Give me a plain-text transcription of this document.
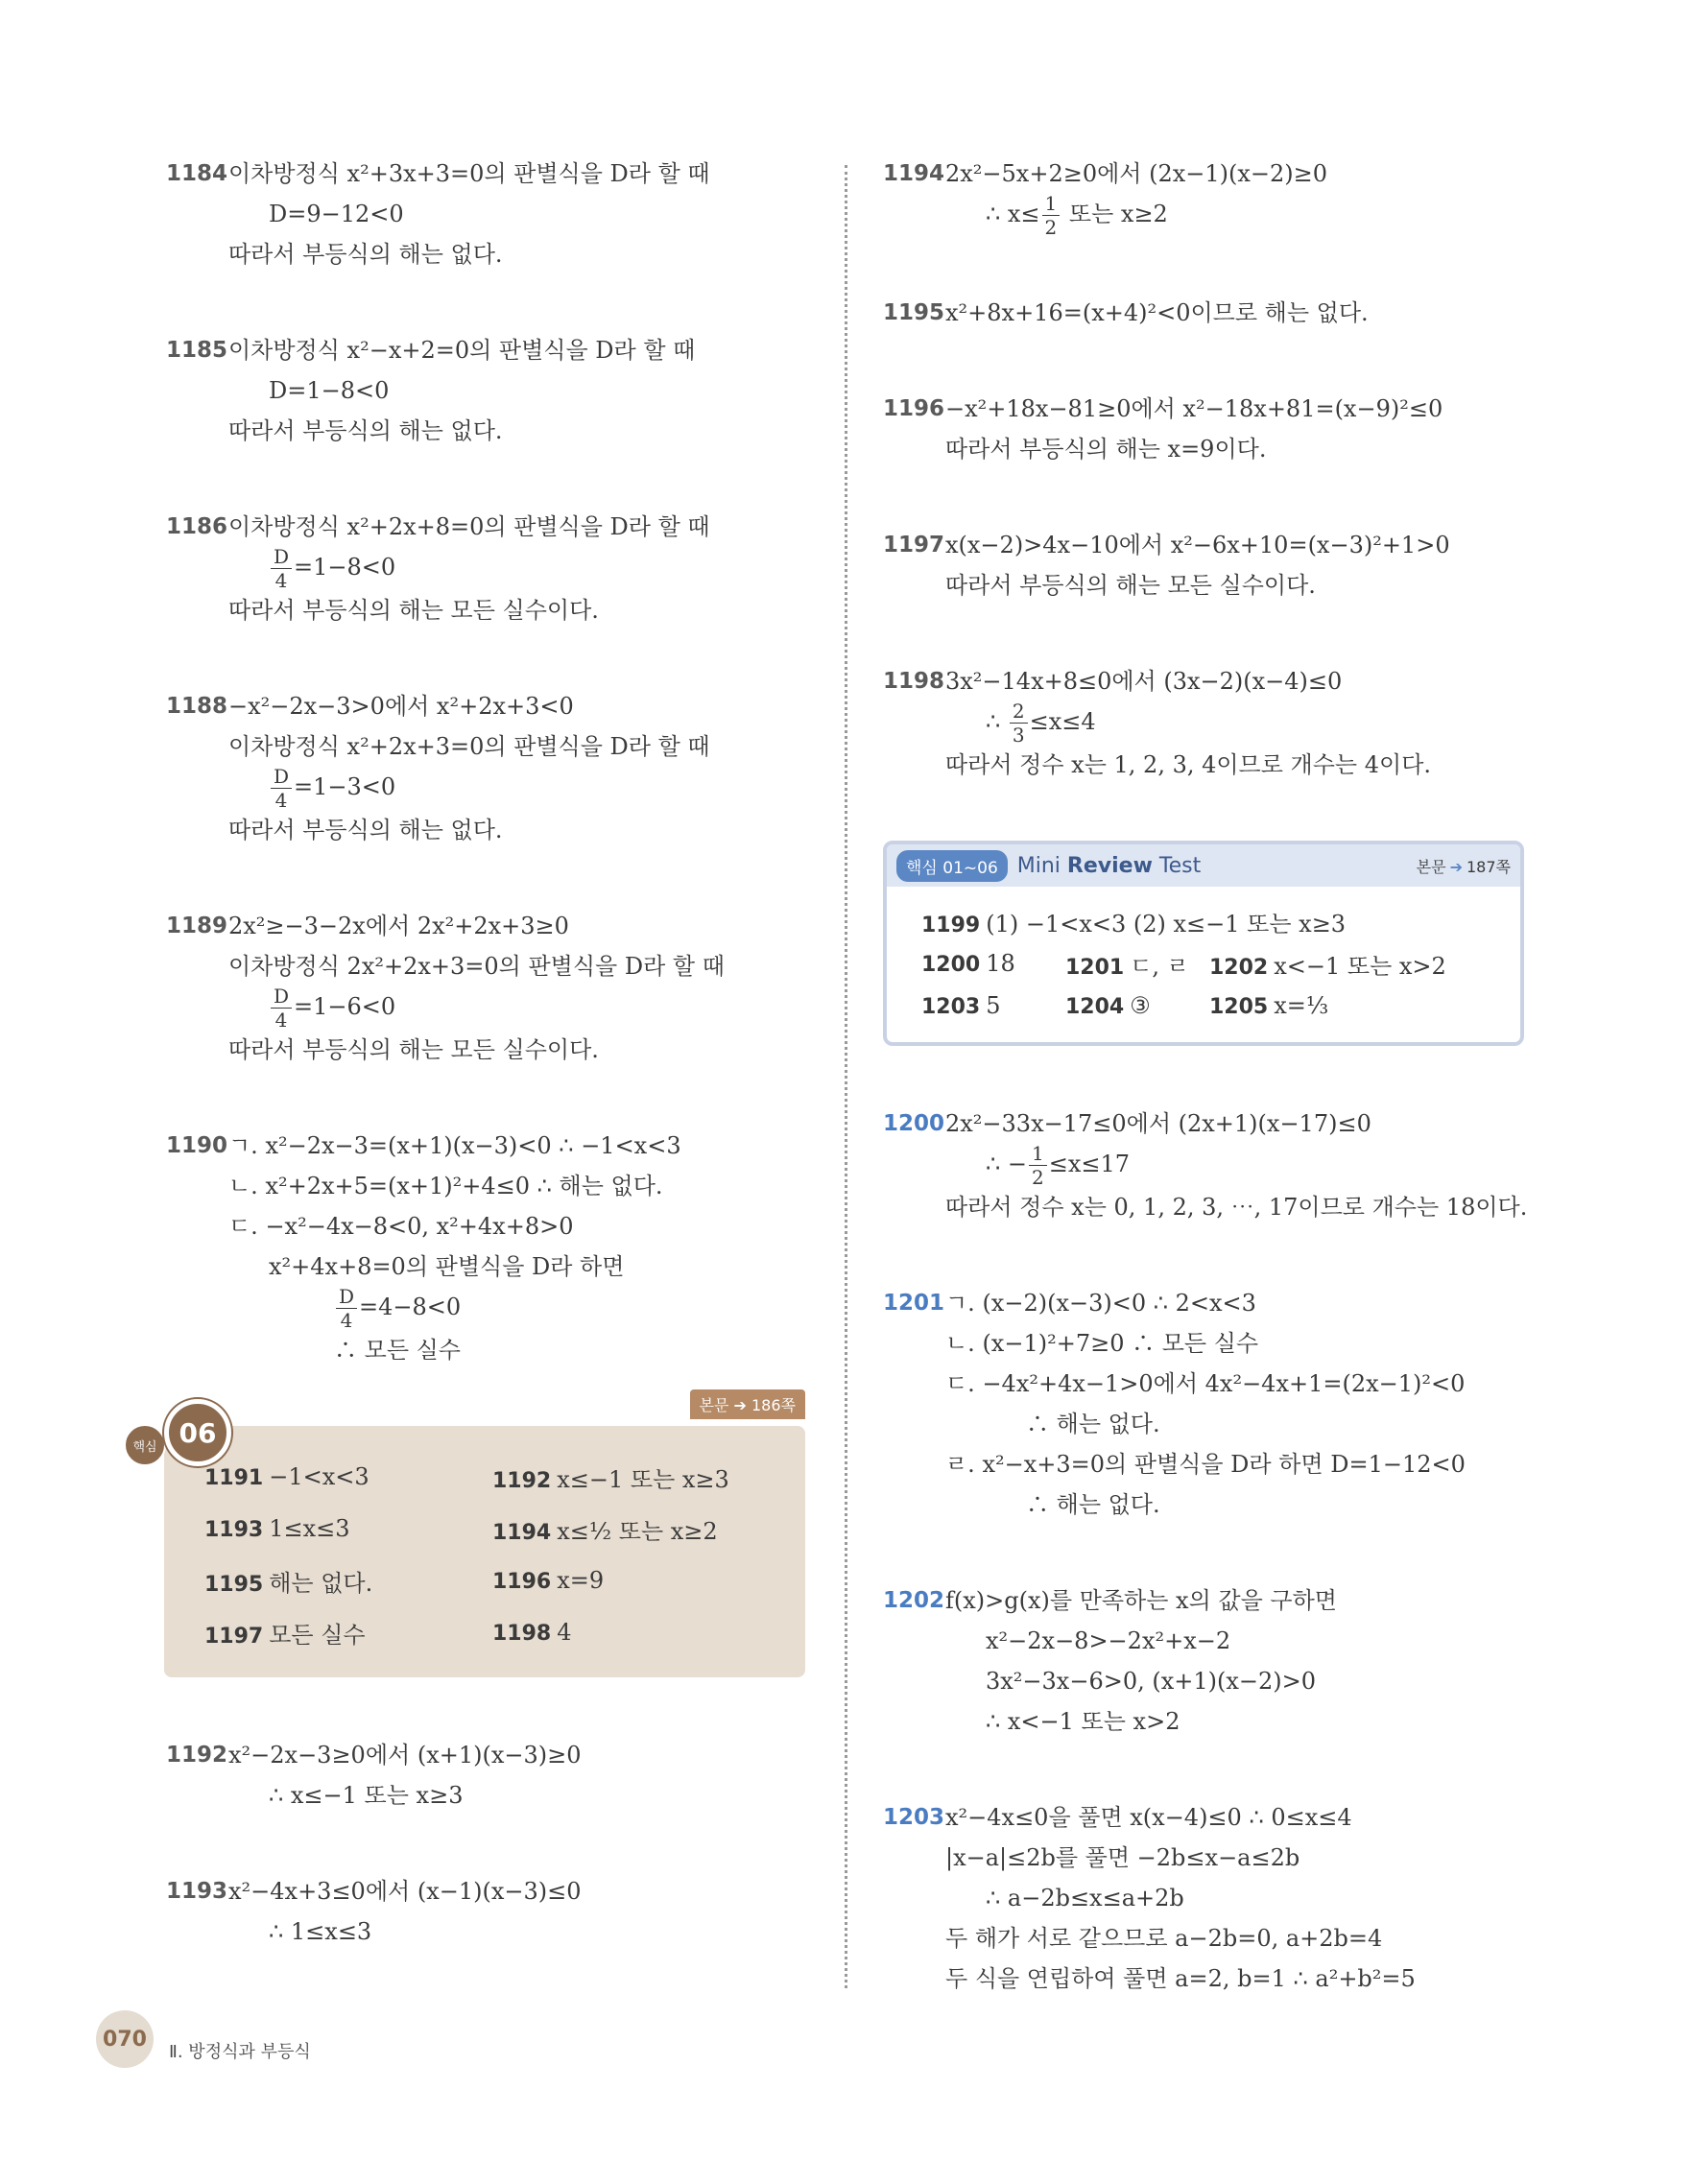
1184 이차방정식 x²+3x+3=0의 판별식을 D라 할 때
D=9−12<0
따라서 부등식의 해는 없다.
1185 이차방정식 x²−x+2=0의 판별식을 D라 할 때
D=1−8<0
따라서 부등식의 해는 없다.
1186 이차방정식 x²+2x+8=0의 판별식을 D라 할 때
$\frac{D}{4} =1-8<0$
따라서 부등식의 해는 모든 실수이다.
1188 −x²−2x−3>0에서 x²+2x+3<0
이차방정식 x²+2x+3=0의 판별식을 D라 할 때
$\frac{D}{4} =1-3<0$
따라서 부등식의 해는 없다.
1189 2x²≥−3−2x에서 2x²+2x+3≥0
이차방정식 2x²+2x+3=0의 판별식을 D라 할 때
$\frac{D}{4} =1-6<0$
따라서 부등식의 해는 모든 실수이다.
1190 ㄱ. x²−2x−3=(x+1)(x−3)<0 ∴ −1<x<3
ㄴ. x²+2x+5=(x+1)²+4≤0 ∴ 해는 없다.
ㄷ. −x²−4x−8<0, x²+4x+8>0
x²+4x+8=0의 판별식을 D라 하면
$\frac{D}{4} =4-8<0$
∴ 모든 실수
핵심 06
본문 ➔ 186쪽
1191 −1<x<3	1192 x≤−1 또는 x≥3
1193 1≤x≤3	1194 x≤½ 또는 x≥2
1195 해는 없다.	1196 x=9
1197 모든 실수	1198 4
1192 x²−2x−3≥0에서 (x+1)(x−3)≥0
∴ x≤−1 또는 x≥3
1193 x²−4x+3≤0에서 (x−1)(x−3)≤0
∴ 1≤x≤3
1194 2x²−5x+2≥0에서 (2x−1)(x−2)≥0
∴ $x\le \frac{1}{2}$ 또는 x≥2
1195 x²+8x+16=(x+4)²<0이므로 해는 없다.
1196 −x²+18x−81≥0에서 x²−18x+81=(x−9)²≤0
따라서 부등식의 해는 x=9이다.
1197 x(x−2)>4x−10에서 x²−6x+10=(x−3)²+1>0
따라서 부등식의 해는 모든 실수이다.
1198 3x²−14x+8≤0에서 (3x−2)(x−4)≤0
∴ $\frac{2}{3} \le x\le 4$
따라서 정수 x는 1, 2, 3, 4이므로 개수는 4이다.
핵심 01~06 Mini Review Test	본문 ➔ 187쪽
1199 (1) −1<x<3 (2) x≤−1 또는 x≥3
1200 18	1201 ㄷ, ㄹ 1202 x<−1 또는 x>2
1203 5	1204 ③	1205 x=⅓
1200 2x²−33x−17≤0에서 (2x+1)(x−17)≤0
∴ − $\frac{1}{2} \le x\le 17$
따라서 정수 x는 0, 1, 2, 3, ⋯, 17이므로 개수는 18이다.
1201 ㄱ. (x−2)(x−3)<0 ∴ 2<x<3
ㄴ. (x−1)²+7≥0 ∴ 모든 실수
ㄷ. −4x²+4x−1>0에서 4x²−4x+1=(2x−1)²<0
∴ 해는 없다.
ㄹ. x²−x+3=0의 판별식을 D라 하면 D=1−12<0
∴ 해는 없다.
1202 f(x)>g(x)를 만족하는 x의 값을 구하면
x²−2x−8>−2x²+x−2
3x²−3x−6>0, (x+1)(x−2)>0
∴ x<−1 또는 x>2
1203 x²−4x≤0을 풀면 x(x−4)≤0 ∴ 0≤x≤4
|x−a|≤2b를 풀면 −2b≤x−a≤2b
∴ a−2b≤x≤a+2b
두 해가 서로 같으므로 a−2b=0, a+2b=4
두 식을 연립하여 풀면 a=2, b=1 ∴ a²+b²=5
070
Ⅱ. 방정식과 부등식
